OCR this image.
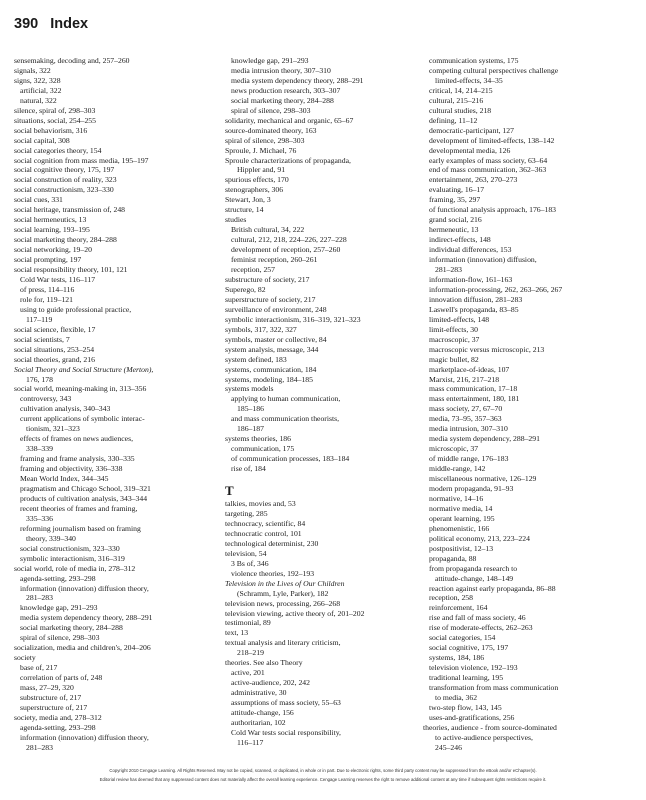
390 Index
sensemaking, decoding and, 257–260
signals, 322
signs, 322, 328
artificial, 322
natural, 322
silence, spiral of, 298–303
situations, social, 254–255
social behaviorism, 316
social capital, 308
social categories theory, 154
social cognition from mass media, 195–197
social cognitive theory, 175, 197
social construction of reality, 323
social constructionism, 323–330
social cues, 331
social heritage, transmission of, 248
social hermeneutics, 13
social learning, 193–195
social marketing theory, 284–288
social networking, 19–20
social prompting, 197
social responsibility theory, 101, 121
Cold War tests, 116–117
of press, 114–116
role for, 119–121
using to guide professional practice,
117–119
social science, flexible, 17
social scientists, 7
social situations, 253–254
social theories, grand, 216
Social Theory and Social Structure (Merton),
176, 178
social world, meaning-making in, 313–356
controversy, 343
cultivation analysis, 340–343
current applications of symbolic interac-
tionism, 321–323
effects of frames on news audiences,
338–339
framing and frame analysis, 330–335
framing and objectivity, 336–338
Mean World Index, 344–345
pragmatism and Chicago School, 319–321
products of cultivation analysis, 343–344
recent theories of frames and framing,
335–336
reforming journalism based on framing
theory, 339–340
social constructionism, 323–330
symbolic interactionism, 316–319
social world, role of media in, 278–312
agenda-setting, 293–298
information (innovation) diffusion theory,
281–283
knowledge gap, 291–293
media system dependency theory, 288–291
social marketing theory, 284–288
spiral of silence, 298–303
socialization, media and children's, 204–206
society
base of, 217
correlation of parts of, 248
mass, 27–29, 320
substructure of, 217
superstructure of, 217
society, media and, 278–312
agenda-setting, 293–298
information (innovation) diffusion theory,
281–283
knowledge gap, 291–293
media intrusion theory, 307–310
media system dependency theory, 288–291
news production research, 303–307
social marketing theory, 284–288
spiral of silence, 298–303
solidarity, mechanical and organic, 65–67
source-dominated theory, 163
spiral of silence, 298–303
Sproule, J. Michael, 76
Sproule characterizations of propaganda,
Hippler and, 91
spurious effects, 170
stenographers, 306
Stewart, Jon, 3
structure, 14
studies
British cultural, 34, 222
cultural, 212, 218, 224–226, 227–228
development of reception, 257–260
feminist reception, 260–261
reception, 257
substructure of society, 217
Superego, 82
superstructure of society, 217
surveillance of environment, 248
symbolic interactionism, 316–319, 321–323
symbols, 317, 322, 327
symbols, master or collective, 84
system analysis, message, 344
system defined, 183
systems, communication, 184
systems, modeling, 184–185
systems models
applying to human communication,
185–186
and mass communication theorists,
186–187
systems theories, 186
communication, 175
of communication processes, 183–184
rise of, 184
T
talkies, movies and, 53
targeting, 285
technocracy, scientific, 84
technocratic control, 101
technological determinist, 230
television, 54
3 Bs of, 346
violence theories, 192–193
Television in the Lives of Our Children
(Schramm, Lyle, Parker), 182
television news, processing, 266–268
television viewing, active theory of, 201–202
testimonial, 89
text, 13
textual analysis and literary criticism,
218–219
theories. See also Theory
active, 201
active-audience, 202, 242
administrative, 30
assumptions of mass society, 55–63
attitude-change, 156
authoritarian, 102
Cold War tests social responsibility,
116–117
communication systems, 175
competing cultural perspectives challenge
limited-effects, 34–35
critical, 14, 214–215
cultural, 215–216
cultural studies, 218
defining, 11–12
democratic-participant, 127
development of limited-effects, 138–142
developmental media, 126
early examples of mass society, 63–64
end of mass communication, 362–363
entertainment, 263, 270–273
evaluating, 16–17
framing, 35, 297
of functional analysis approach, 176–183
grand social, 216
hermeneutic, 13
indirect-effects, 148
individual differences, 153
information (innovation) diffusion,
281–283
information-flow, 161–163
information-processing, 262, 263–266, 267
innovation diffusion, 281–283
Laswell's propaganda, 83–85
limited-effects, 148
limit-effects, 30
macroscopic, 37
macroscopic versus microscopic, 213
magic bullet, 82
marketplace-of-ideas, 107
Marxist, 216, 217–218
mass communication, 17–18
mass entertainment, 180, 181
mass society, 27, 67–70
media, 73–95, 357–363
media intrusion, 307–310
media system dependency, 288–291
microscopic, 37
of middle range, 176–183
middle-range, 142
miscellaneous normative, 126–129
modern propaganda, 91–93
normative, 14–16
normative media, 14
operant learning, 195
phenomenistic, 166
political economy, 213, 223–224
postpositivist, 12–13
propaganda, 88
from propaganda research to
attitude-change, 148–149
reaction against early propaganda, 86–88
reception, 258
reinforcement, 164
rise and fall of mass society, 46
rise of moderate-effects, 262–263
social categories, 154
social cognitive, 175, 197
systems, 184, 186
television violence, 192–193
traditional learning, 195
transformation from mass communication
to media, 362
two-step flow, 143, 145
uses-and-gratifications, 256
theories, audience - from source-dominated
to active-audience perspectives,
245–246
Copyright 2010 Cengage Learning. All Rights Reserved. May not be copied, scanned, or duplicated, in whole or in part. Due to electronic rights, some third party content may be suppressed from the eBook and/or eChapter(s).
Editorial review has deemed that any suppressed content does not materially affect the overall learning experience. Cengage Learning reserves the right to remove additional content at any time if subsequent rights restrictions require it.
